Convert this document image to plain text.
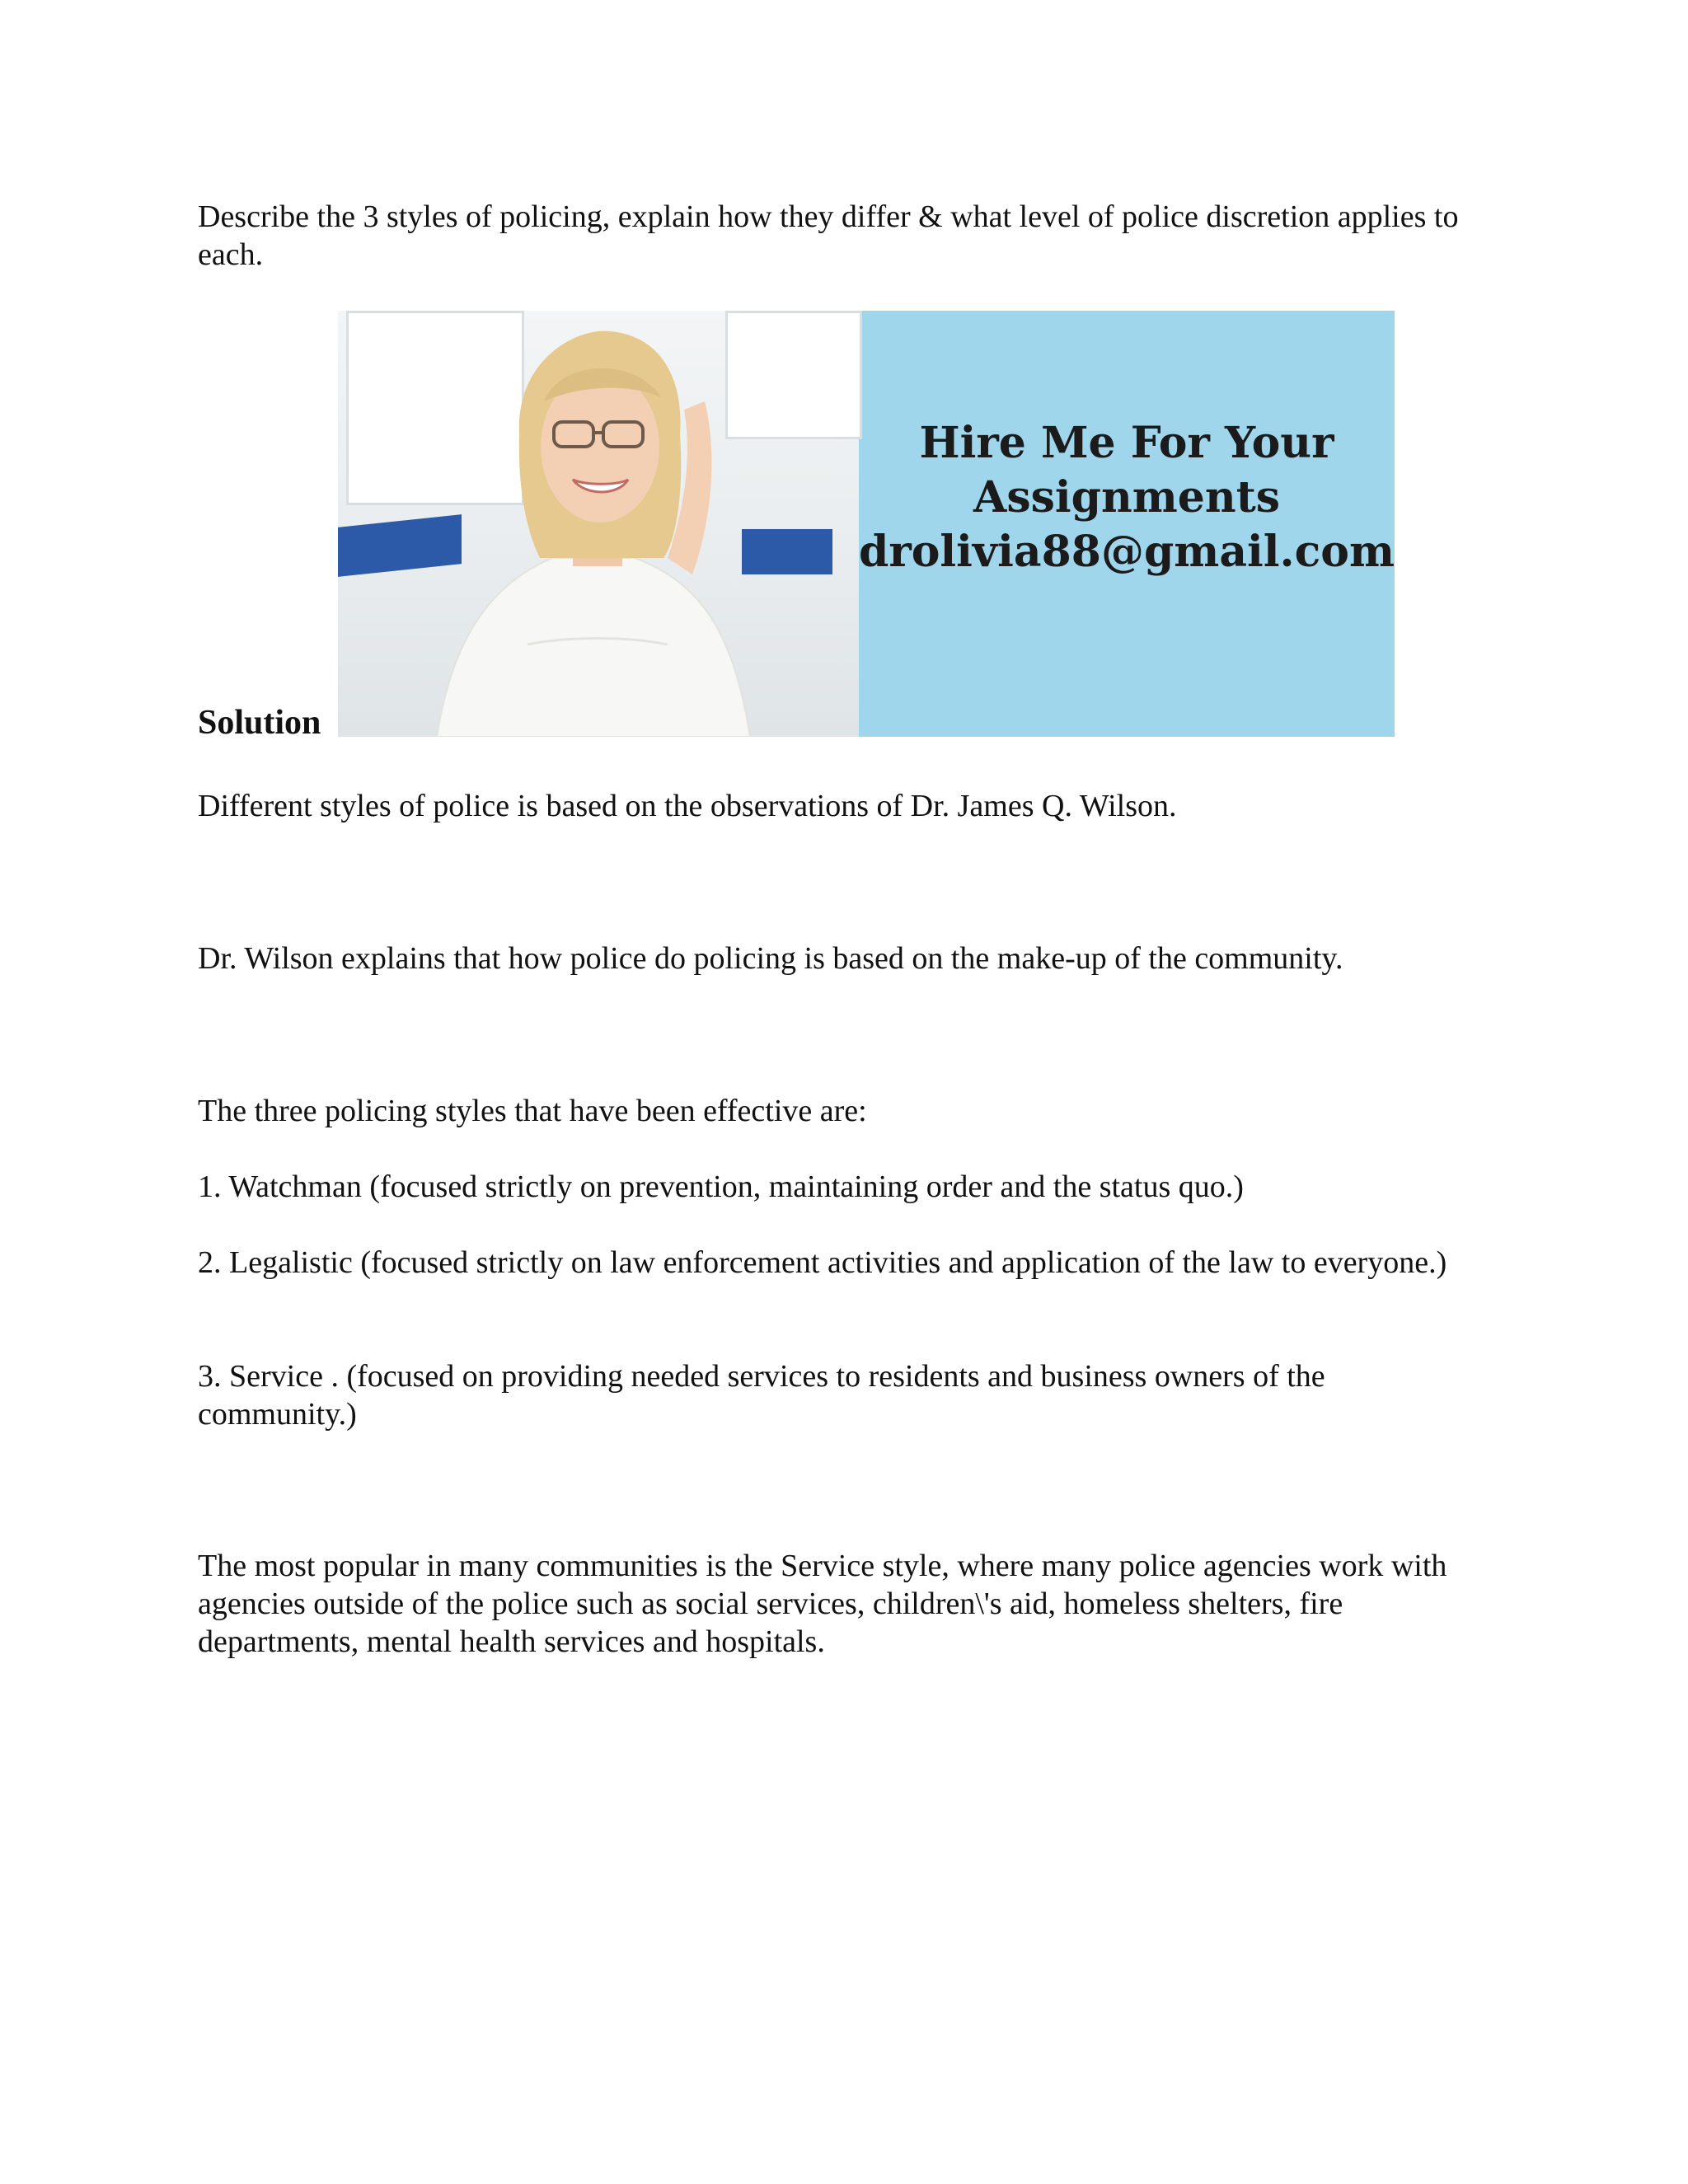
Describe the 3 styles of policing, explain how they differ & what level of police discretion applies to each.

Hire Me For Your
Assignments
drolivia88@gmail.com
Solution

Different styles of police is based on the observations of Dr. James Q. Wilson.

Dr. Wilson explains that how police do policing is based on the make-up of the community.

The three policing styles that have been effective are:

1. Watchman (focused strictly on prevention, maintaining order and the status quo.)

2. Legalistic (focused strictly on law enforcement activities and application of the law to everyone.)

3. Service . (focused on providing needed services to residents and business owners of the community.)

The most popular in many communities is the Service style, where many police agencies work with agencies outside of the police such as social services, children\'s aid, homeless shelters, fire departments, mental health services and hospitals.
